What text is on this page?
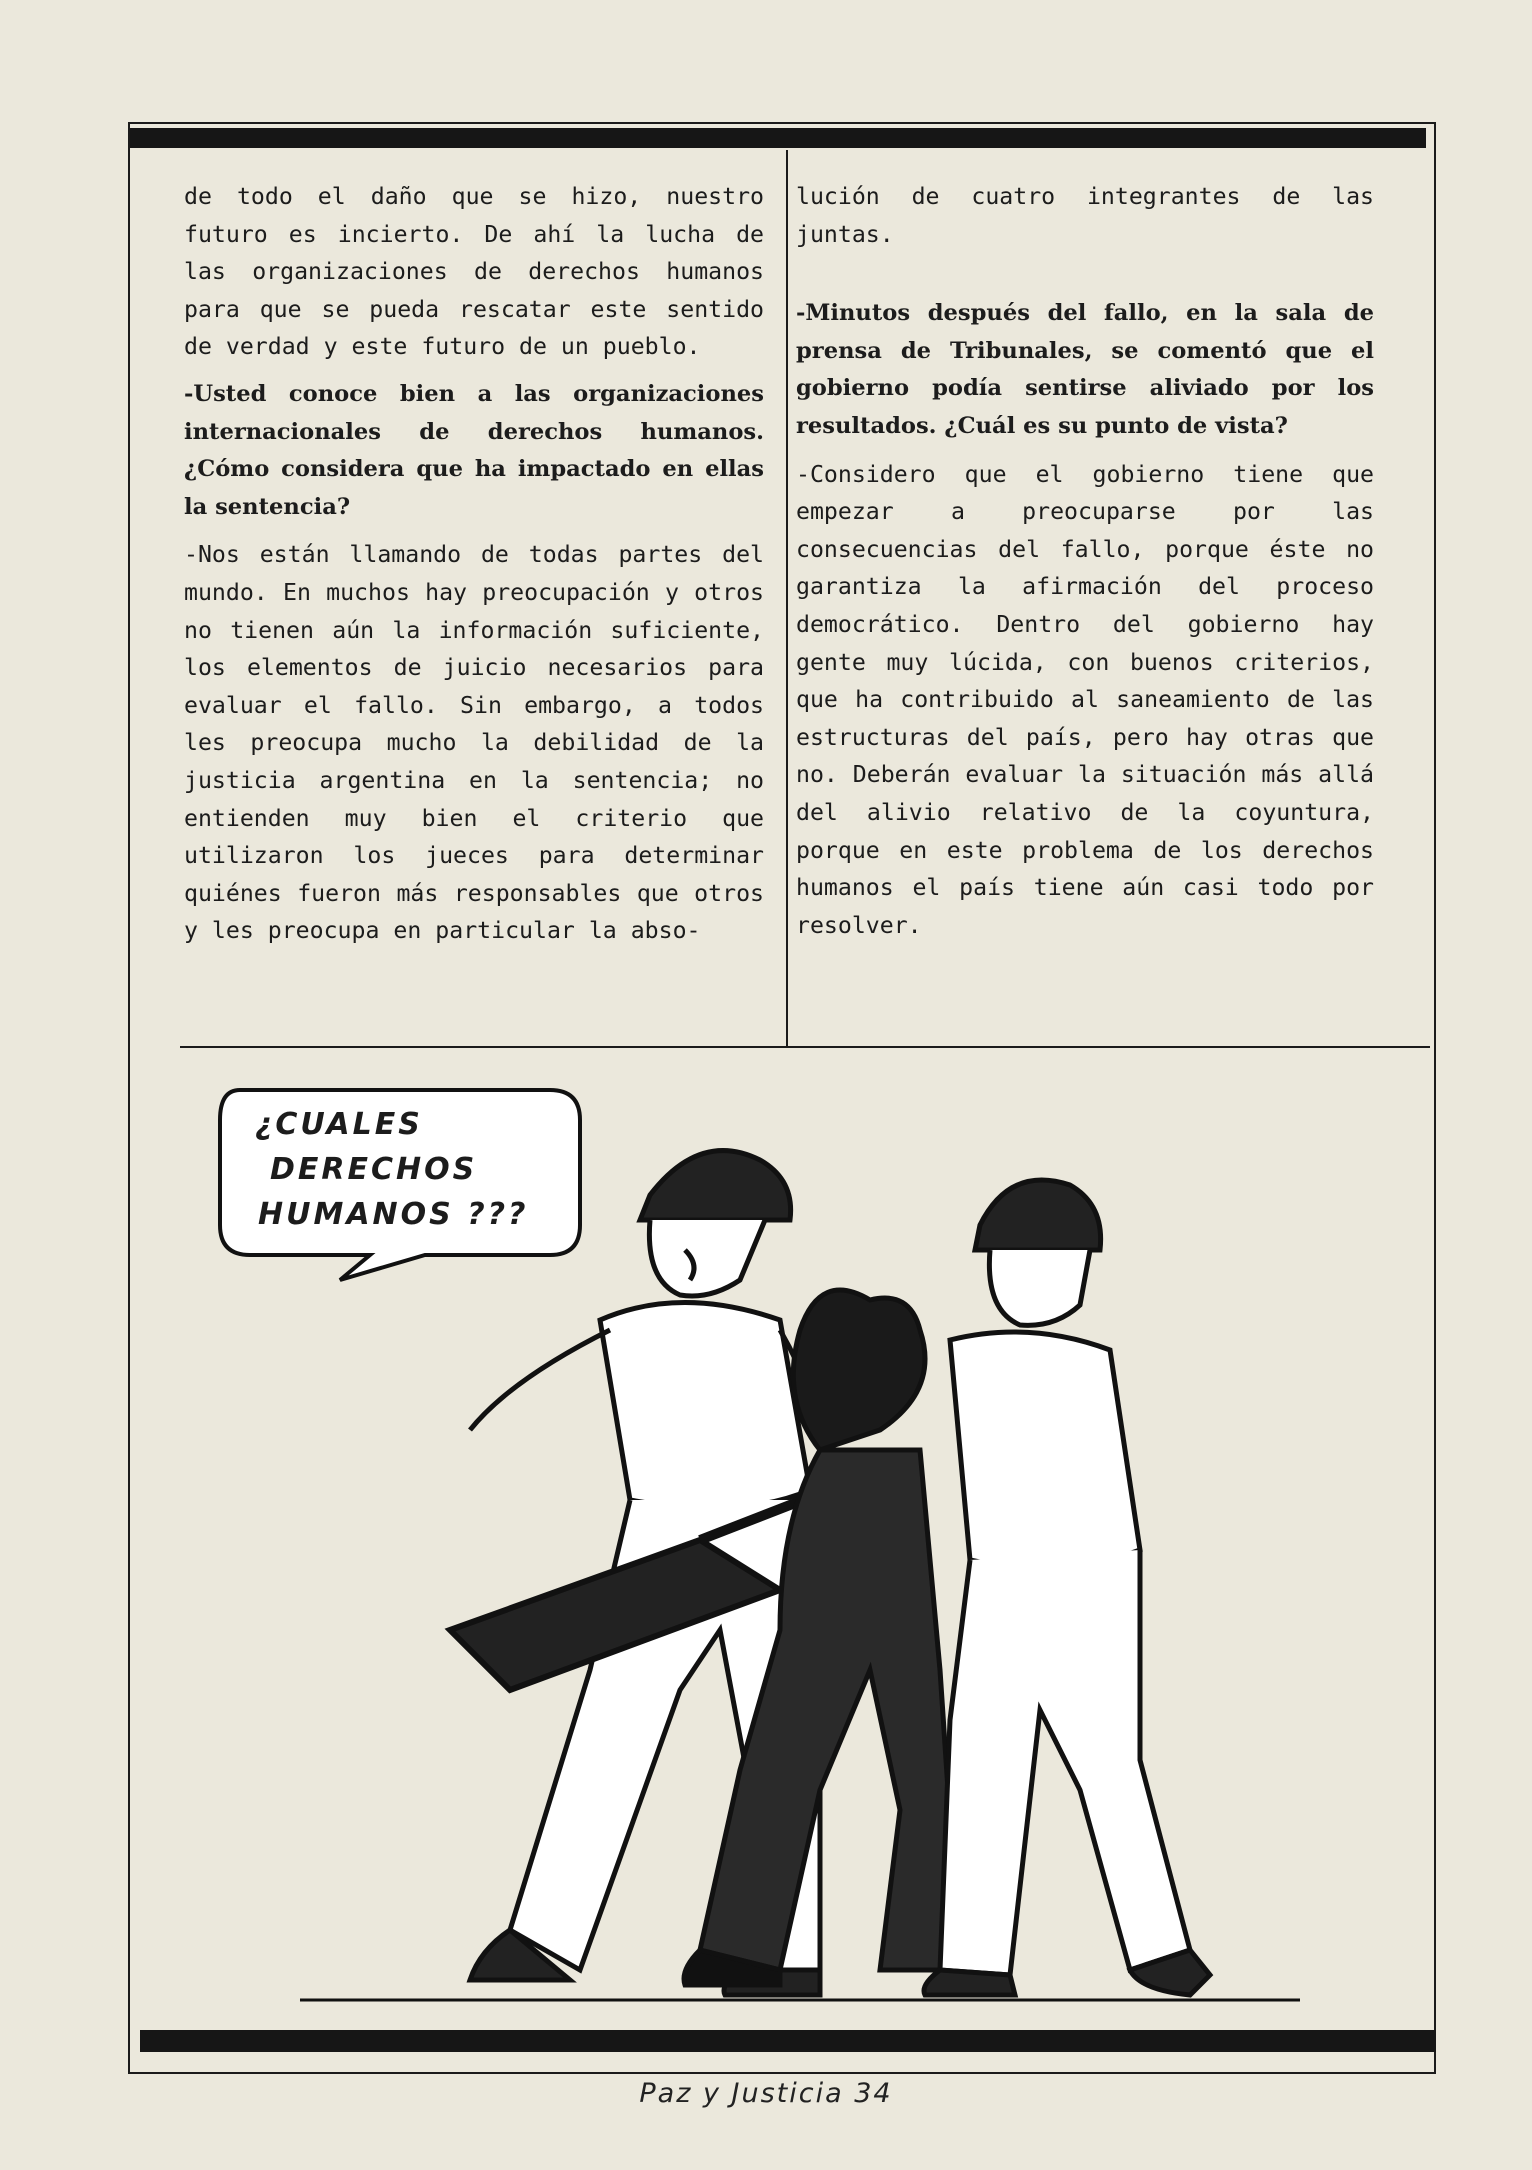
de todo el daño que se hizo, nuestro futuro es incierto. De ahí la lucha de las organizaciones de derechos humanos para que se pueda rescatar este sentido de verdad y este futuro de un pueblo.

-Usted conoce bien a las organizaciones internacionales de derechos humanos. ¿Cómo considera que ha impactado en ellas la sentencia?

-Nos están llamando de todas partes del mundo. En muchos hay preocupación y otros no tienen aún la información suficiente, los elementos de juicio necesarios para evaluar el fallo. Sin embargo, a todos les preocupa mucho la debilidad de la justicia argentina en la sentencia; no entienden muy bien el criterio que utilizaron los jueces para determinar quiénes fueron más responsables que otros y les preocupa en particular la abso-

lución de cuatro integrantes de las juntas.

-Minutos después del fallo, en la sala de prensa de Tribunales, se comentó que el gobierno podía sentirse aliviado por los resultados. ¿Cuál es su punto de vista?

-Considero que el gobierno tiene que empezar a preocuparse por las consecuencias del fallo, porque éste no garantiza la afirmación del proceso democrático. Dentro del gobierno hay gente muy lúcida, con buenos criterios, que ha contribuido al saneamiento de las estructuras del país, pero hay otras que no. Deberán evaluar la situación más allá del alivio relativo de la coyuntura, porque en este problema de los derechos humanos el país tiene aún casi todo por resolver.

¿CUALES
DERECHOS
HUMANOS ???
Paz y Justicia 34
